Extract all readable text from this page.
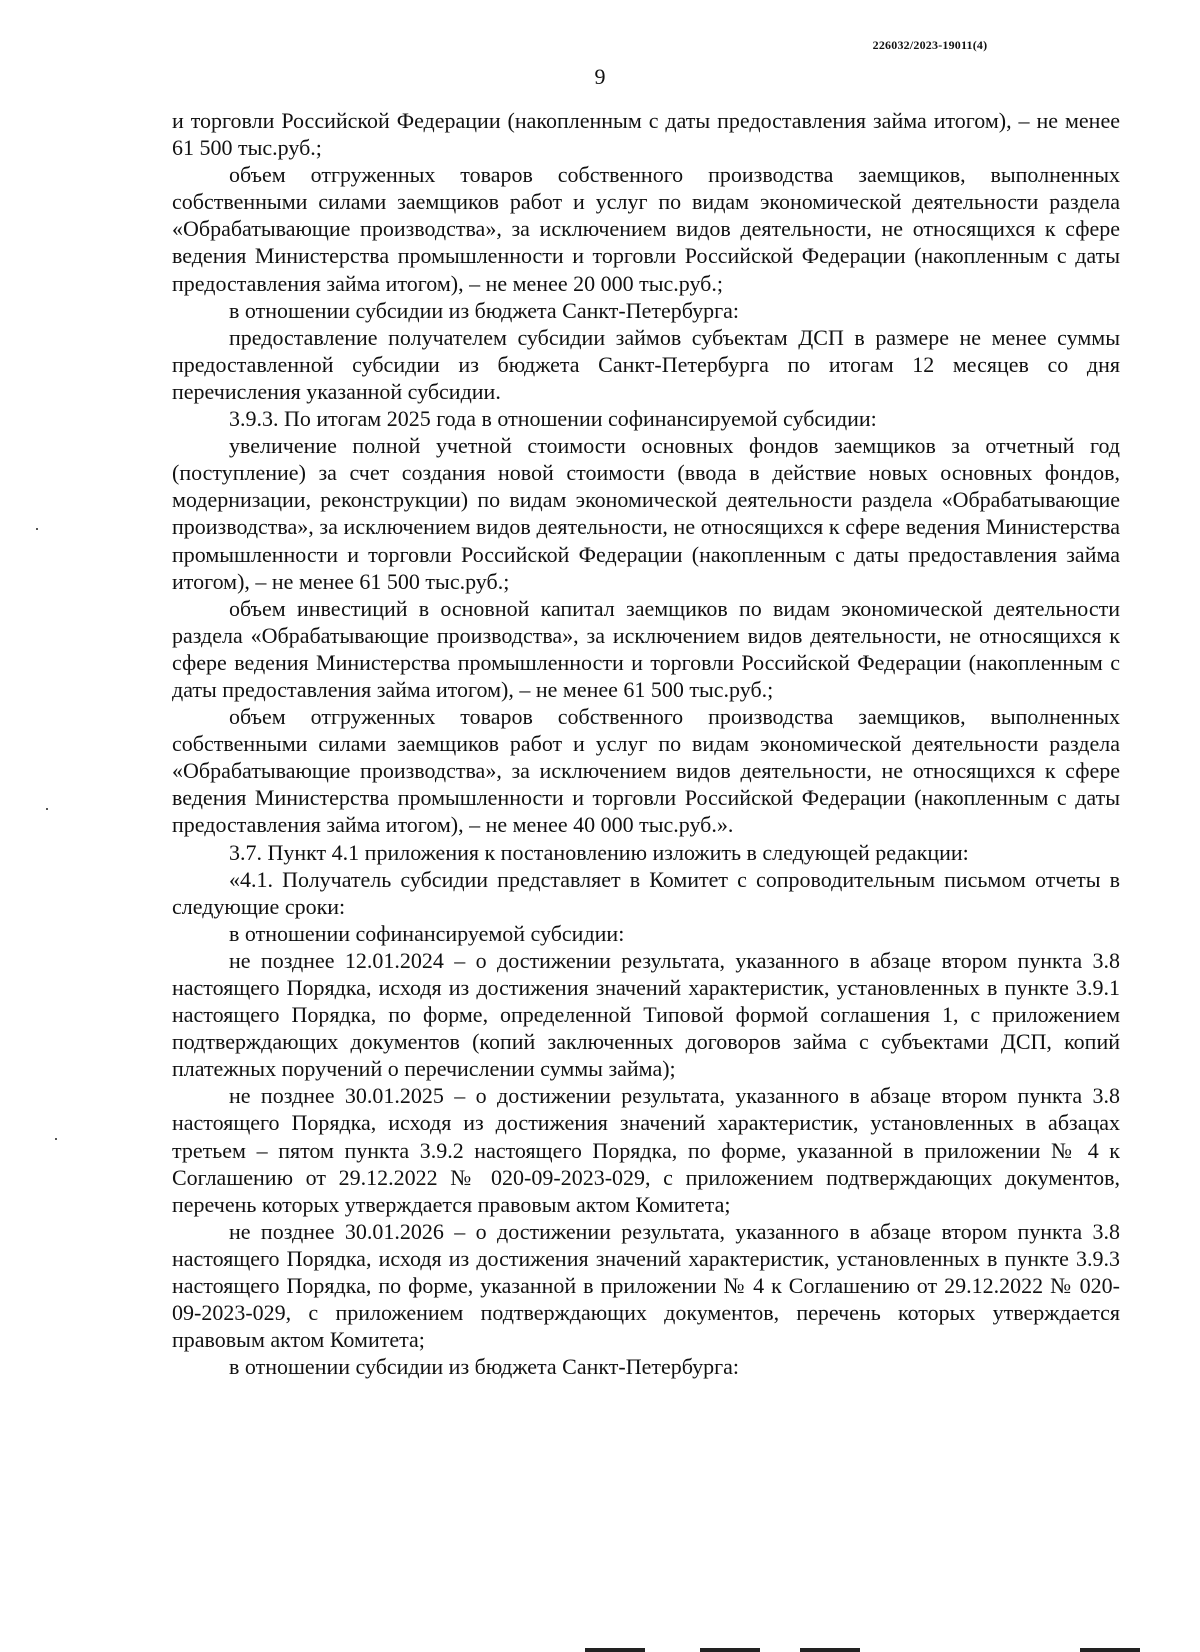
226032/2023-19011(4)
9

и торговли Российской Федерации (накопленным с даты предоставления займа итогом), – не менее 61 500 тыс.руб.;

объем отгруженных товаров собственного производства заемщиков, выполненных собственными силами заемщиков работ и услуг по видам экономической деятельности раздела «Обрабатывающие производства», за исключением видов деятельности, не относящихся к сфере ведения Министерства промышленности и торговли Российской Федерации (накопленным с даты предоставления займа итогом), – не менее 20 000 тыс.руб.;

в отношении субсидии из бюджета Санкт-Петербурга:

предоставление получателем субсидии займов субъектам ДСП в размере не менее суммы предоставленной субсидии из бюджета Санкт-Петербурга по итогам 12 месяцев со дня перечисления указанной субсидии.

3.9.3. По итогам 2025 года в отношении софинансируемой субсидии:

увеличение полной учетной стоимости основных фондов заемщиков за отчетный год (поступление) за счет создания новой стоимости (ввода в действие новых основных фондов, модернизации, реконструкции) по видам экономической деятельности раздела «Обрабатывающие производства», за исключением видов деятельности, не относящихся к сфере ведения Министерства промышленности и торговли Российской Федерации (накопленным с даты предоставления займа итогом), – не менее 61 500 тыс.руб.;

объем инвестиций в основной капитал заемщиков по видам экономической деятельности раздела «Обрабатывающие производства», за исключением видов деятельности, не относящихся к сфере ведения Министерства промышленности и торговли Российской Федерации (накопленным с даты предоставления займа итогом), – не менее 61 500 тыс.руб.;

объем отгруженных товаров собственного производства заемщиков, выполненных собственными силами заемщиков работ и услуг по видам экономической деятельности раздела «Обрабатывающие производства», за исключением видов деятельности, не относящихся к сфере ведения Министерства промышленности и торговли Российской Федерации (накопленным с даты предоставления займа итогом), – не менее 40 000 тыс.руб.».

3.7. Пункт 4.1 приложения к постановлению изложить в следующей редакции:

«4.1. Получатель субсидии представляет в Комитет с сопроводительным письмом отчеты в следующие сроки:

в отношении софинансируемой субсидии:

не позднее 12.01.2024 – о достижении результата, указанного в абзаце втором пункта 3.8 настоящего Порядка, исходя из достижения значений характеристик, установленных в пункте 3.9.1 настоящего Порядка, по форме, определенной Типовой формой соглашения 1, с приложением подтверждающих документов (копий заключенных договоров займа с субъектами ДСП, копий платежных поручений о перечислении суммы займа);

не позднее 30.01.2025 – о достижении результата, указанного в абзаце втором пункта 3.8 настоящего Порядка, исходя из достижения значений характеристик, установленных в абзацах третьем – пятом пункта 3.9.2 настоящего Порядка, по форме, указанной в приложении № 4 к Соглашению от 29.12.2022 № 020-09-2023-029, с приложением подтверждающих документов, перечень которых утверждается правовым актом Комитета;

не позднее 30.01.2026 – о достижении результата, указанного в абзаце втором пункта 3.8 настоящего Порядка, исходя из достижения значений характеристик, установленных в пункте 3.9.3 настоящего Порядка, по форме, указанной в приложении № 4 к Соглашению от 29.12.2022 № 020-09-2023-029, с приложением подтверждающих документов, перечень которых утверждается правовым актом Комитета;

в отношении субсидии из бюджета Санкт-Петербурга:
